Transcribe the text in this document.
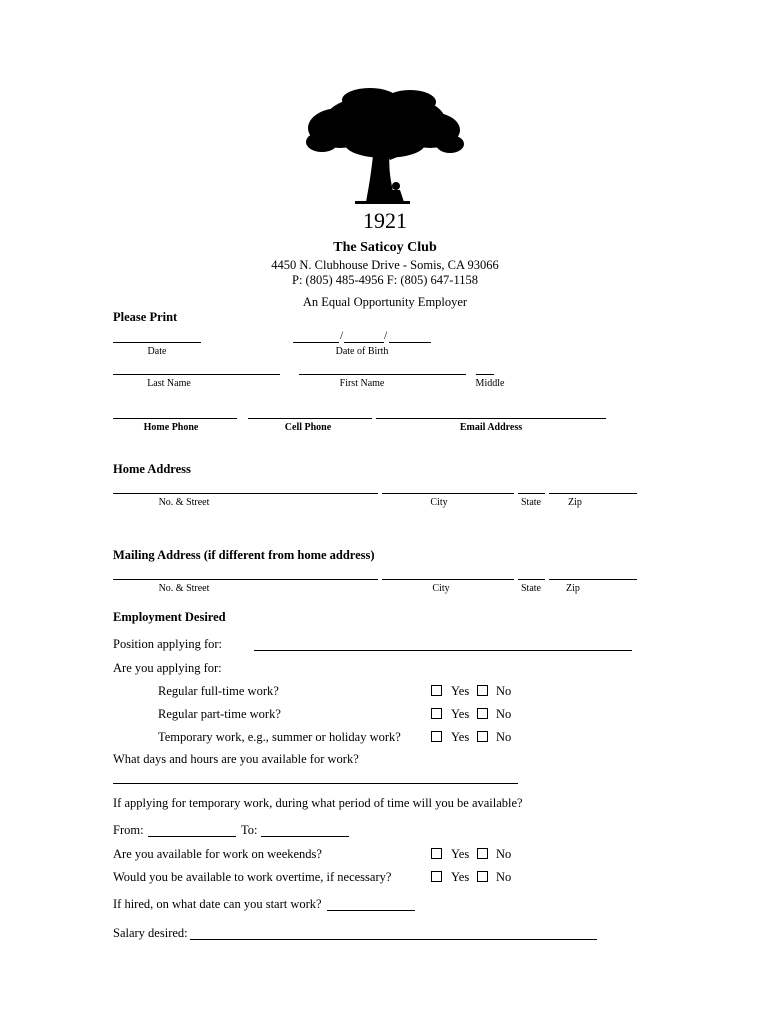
1921
The Saticoy Club
4450 N. Clubhouse Drive - Somis, CA 93066
P: (805) 485-4956 F: (805) 647-1158
An Equal Opportunity Employer
Please Print
Date
/	/
Date of Birth
Last Name	First Name	Middle
Home Phone	Cell Phone	Email Address
Home Address
No. & Street	City	State	Zip
Mailing Address (if different from home address)
No. & Street	City	State	Zip
Employment Desired
Position applying for:
Are you applying for:
Regular full-time work?	Yes No
Regular part-time work?	Yes No
Temporary work, e.g., summer or holiday work?	Yes No
What days and hours are you available for work?
If applying for temporary work, during what period of time will you be available?
From:	To:
Are you available for work on weekends?	Yes No
Would you be available to work overtime, if necessary?	Yes No
If hired, on what date can you start work?
Salary desired:
